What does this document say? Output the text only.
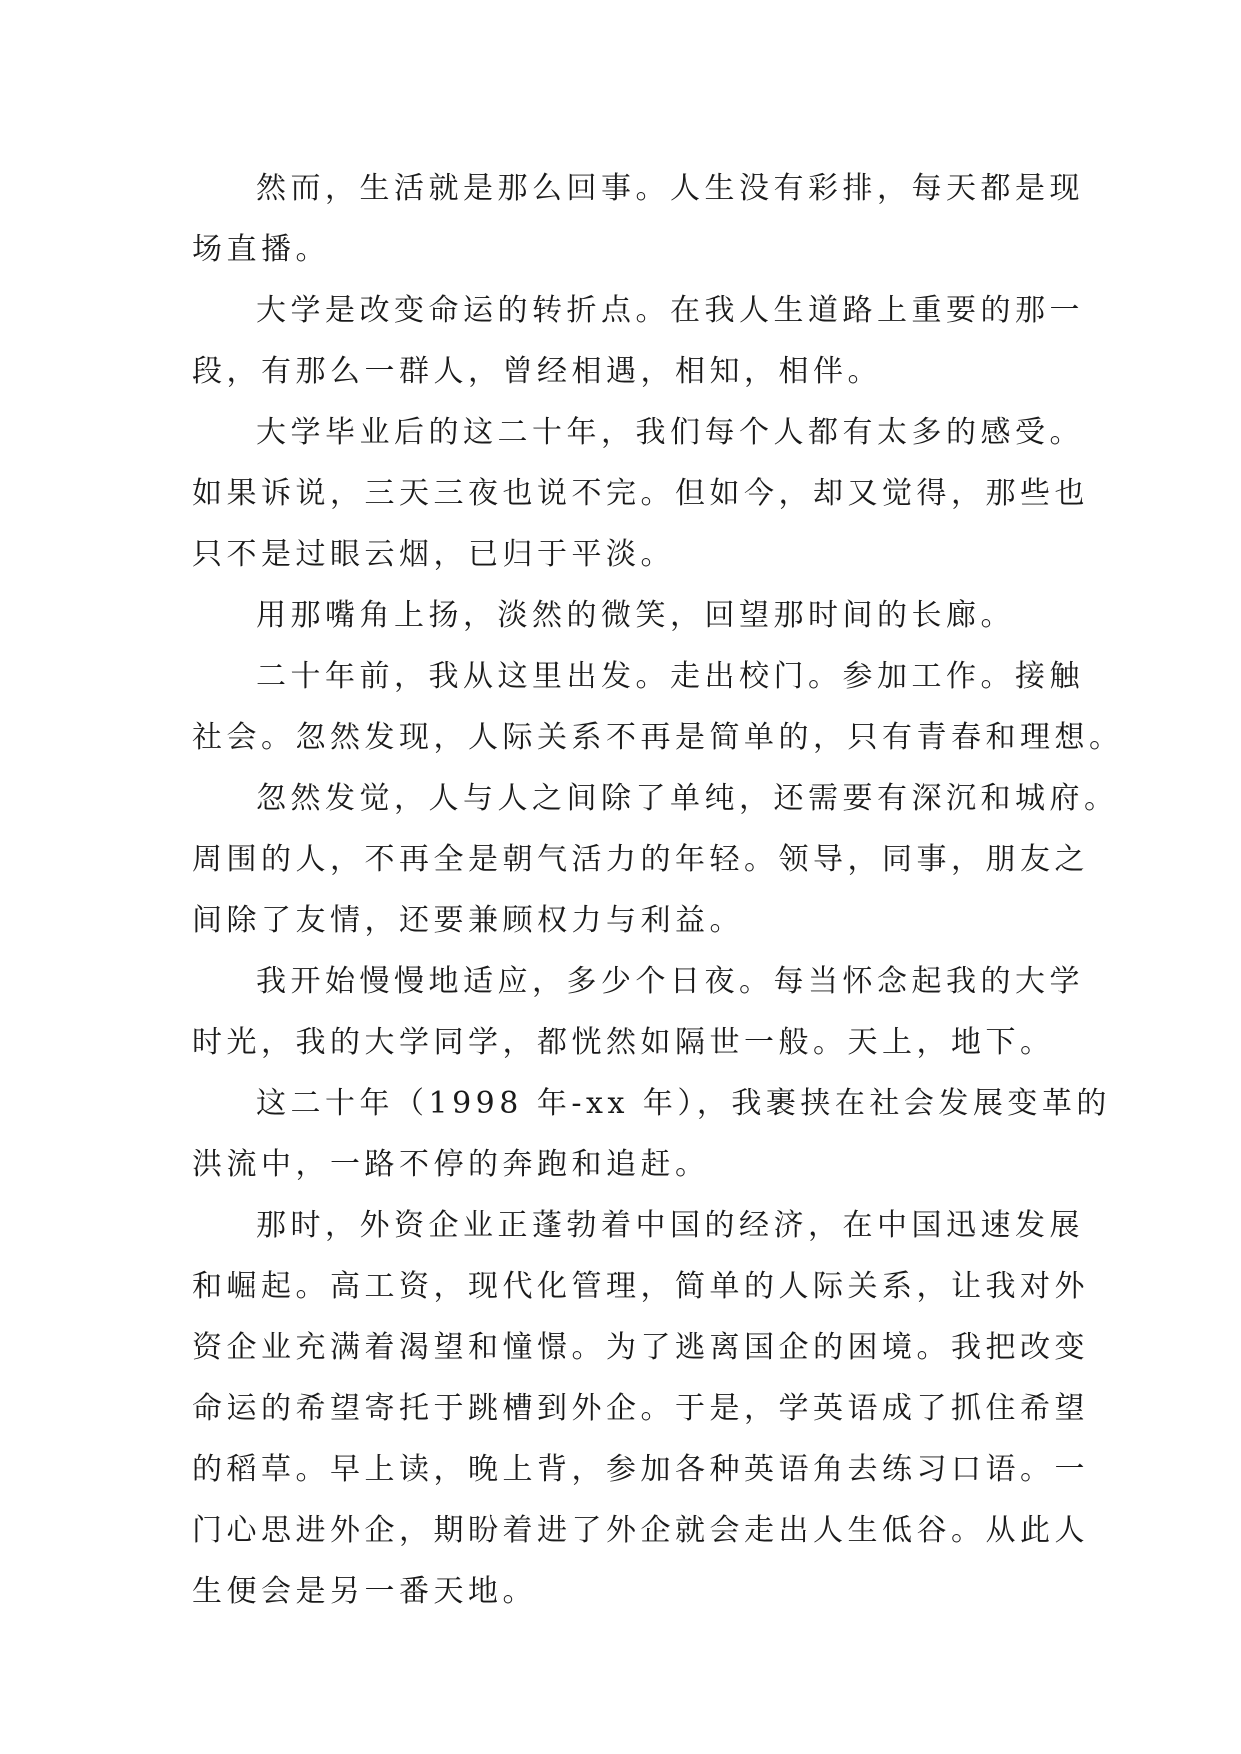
然而，生活就是那么回事。人生没有彩排，每天都是现
场直播。

大学是改变命运的转折点。在我人生道路上重要的那一
段，有那么一群人，曾经相遇，相知，相伴。

大学毕业后的这二十年，我们每个人都有太多的感受。
如果诉说，三天三夜也说不完。但如今，却又觉得，那些也
只不是过眼云烟，已归于平淡。

用那嘴角上扬，淡然的微笑，回望那时间的长廊。

二十年前，我从这里出发。走出校门。参加工作。接触
社会。忽然发现，人际关系不再是简单的，只有青春和理想。

忽然发觉，人与人之间除了单纯，还需要有深沉和城府。
周围的人，不再全是朝气活力的年轻。领导，同事，朋友之
间除了友情，还要兼顾权力与利益。

我开始慢慢地适应，多少个日夜。每当怀念起我的大学
时光，我的大学同学，都恍然如隔世一般。天上，地下。

这二十年（1998 年-xx 年），我裹挟在社会发展变革的
洪流中，一路不停的奔跑和追赶。

那时，外资企业正蓬勃着中国的经济，在中国迅速发展
和崛起。高工资，现代化管理，简单的人际关系，让我对外
资企业充满着渴望和憧憬。为了逃离国企的困境。我把改变
命运的希望寄托于跳槽到外企。于是，学英语成了抓住希望
的稻草。早上读，晚上背，参加各种英语角去练习口语。一
门心思进外企，期盼着进了外企就会走出人生低谷。从此人
生便会是另一番天地。
